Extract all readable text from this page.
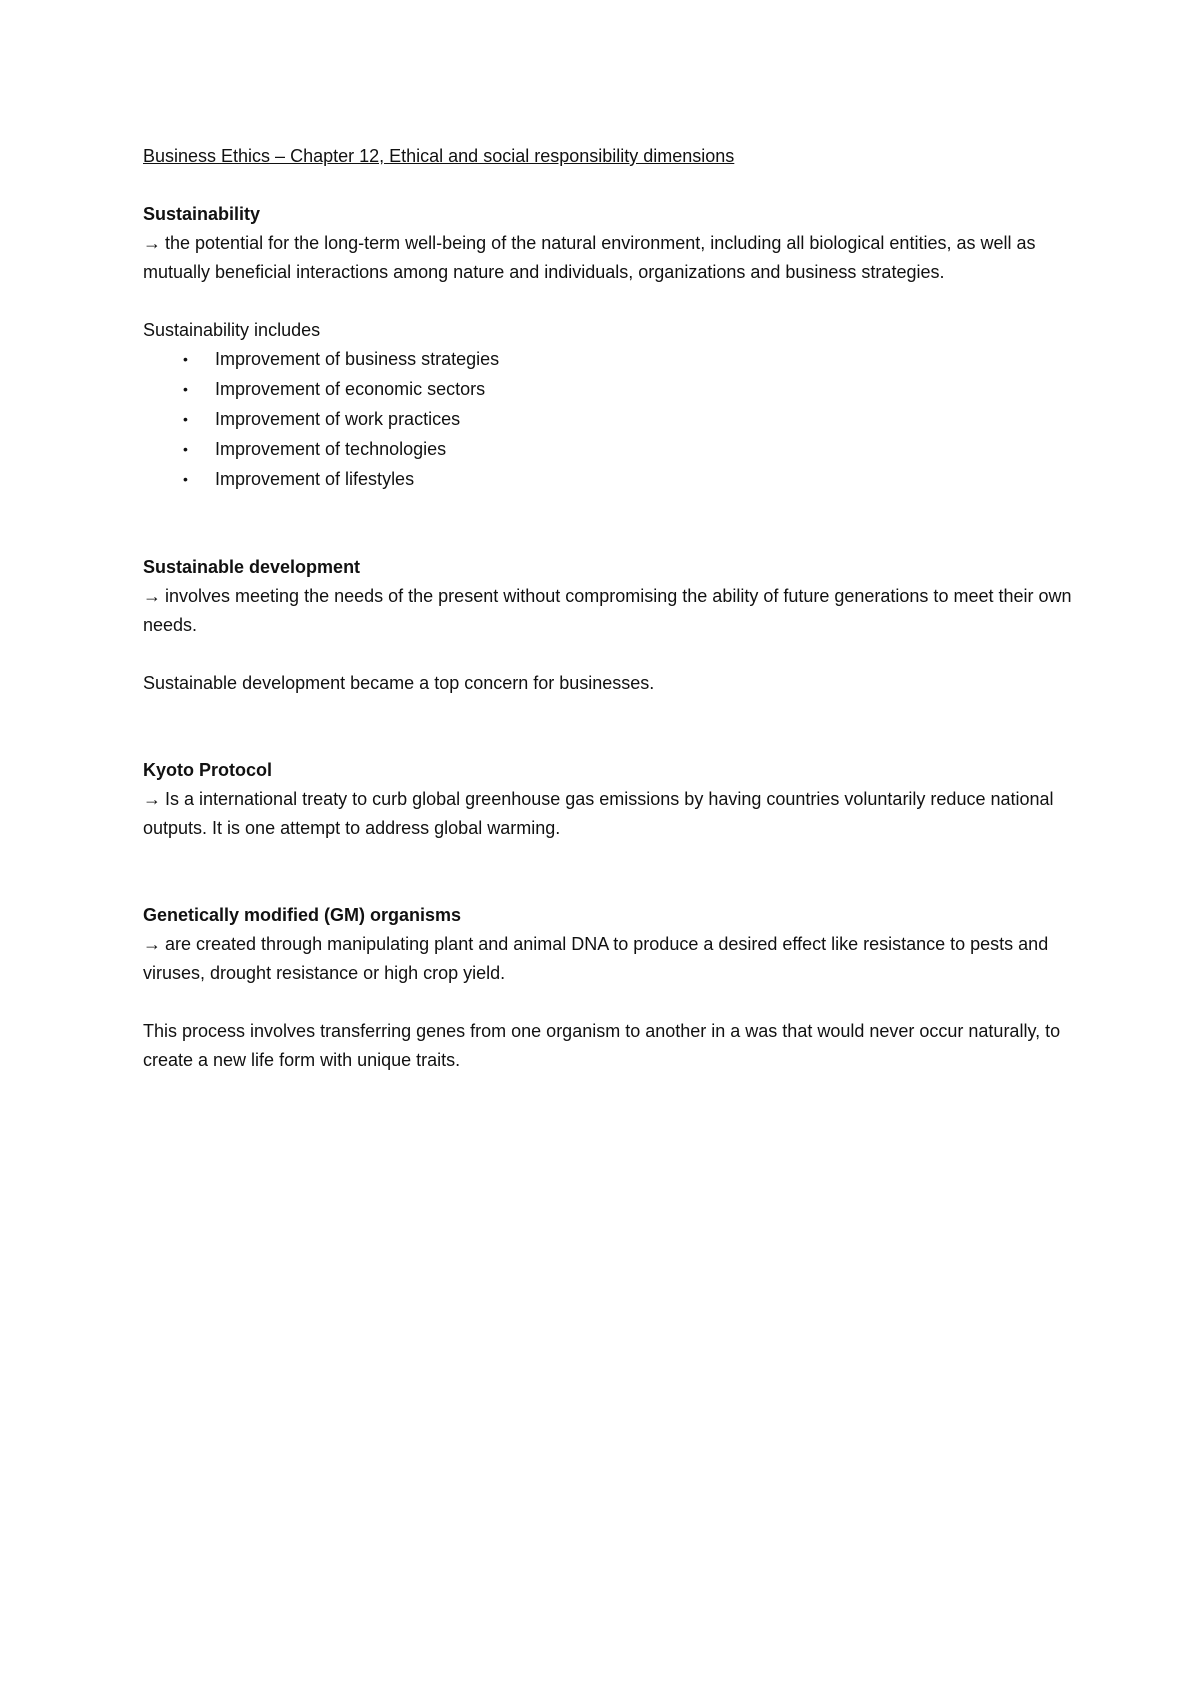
Business Ethics – Chapter 12, Ethical and social responsibility dimensions
Sustainability

→ the potential for the long-term well-being of the natural environment, including all biological entities, as well as mutually beneficial interactions among nature and individuals, organizations and business strategies.

Sustainability includes

• Improvement of business strategies
• Improvement of economic sectors
• Improvement of work practices
• Improvement of technologies
• Improvement of lifestyles
Sustainable development

→ involves meeting the needs of the present without compromising the ability of future generations to meet their own needs.

Sustainable development became a top concern for businesses.

Kyoto Protocol

→ Is a international treaty to curb global greenhouse gas emissions by having countries voluntarily reduce national outputs. It is one attempt to address global warming.

Genetically modified (GM) organisms

→ are created through manipulating plant and animal DNA to produce a desired effect like resistance to pests and viruses, drought resistance or high crop yield.

This process involves transferring genes from one organism to another in a was that would never occur naturally, to create a new life form with unique traits.
